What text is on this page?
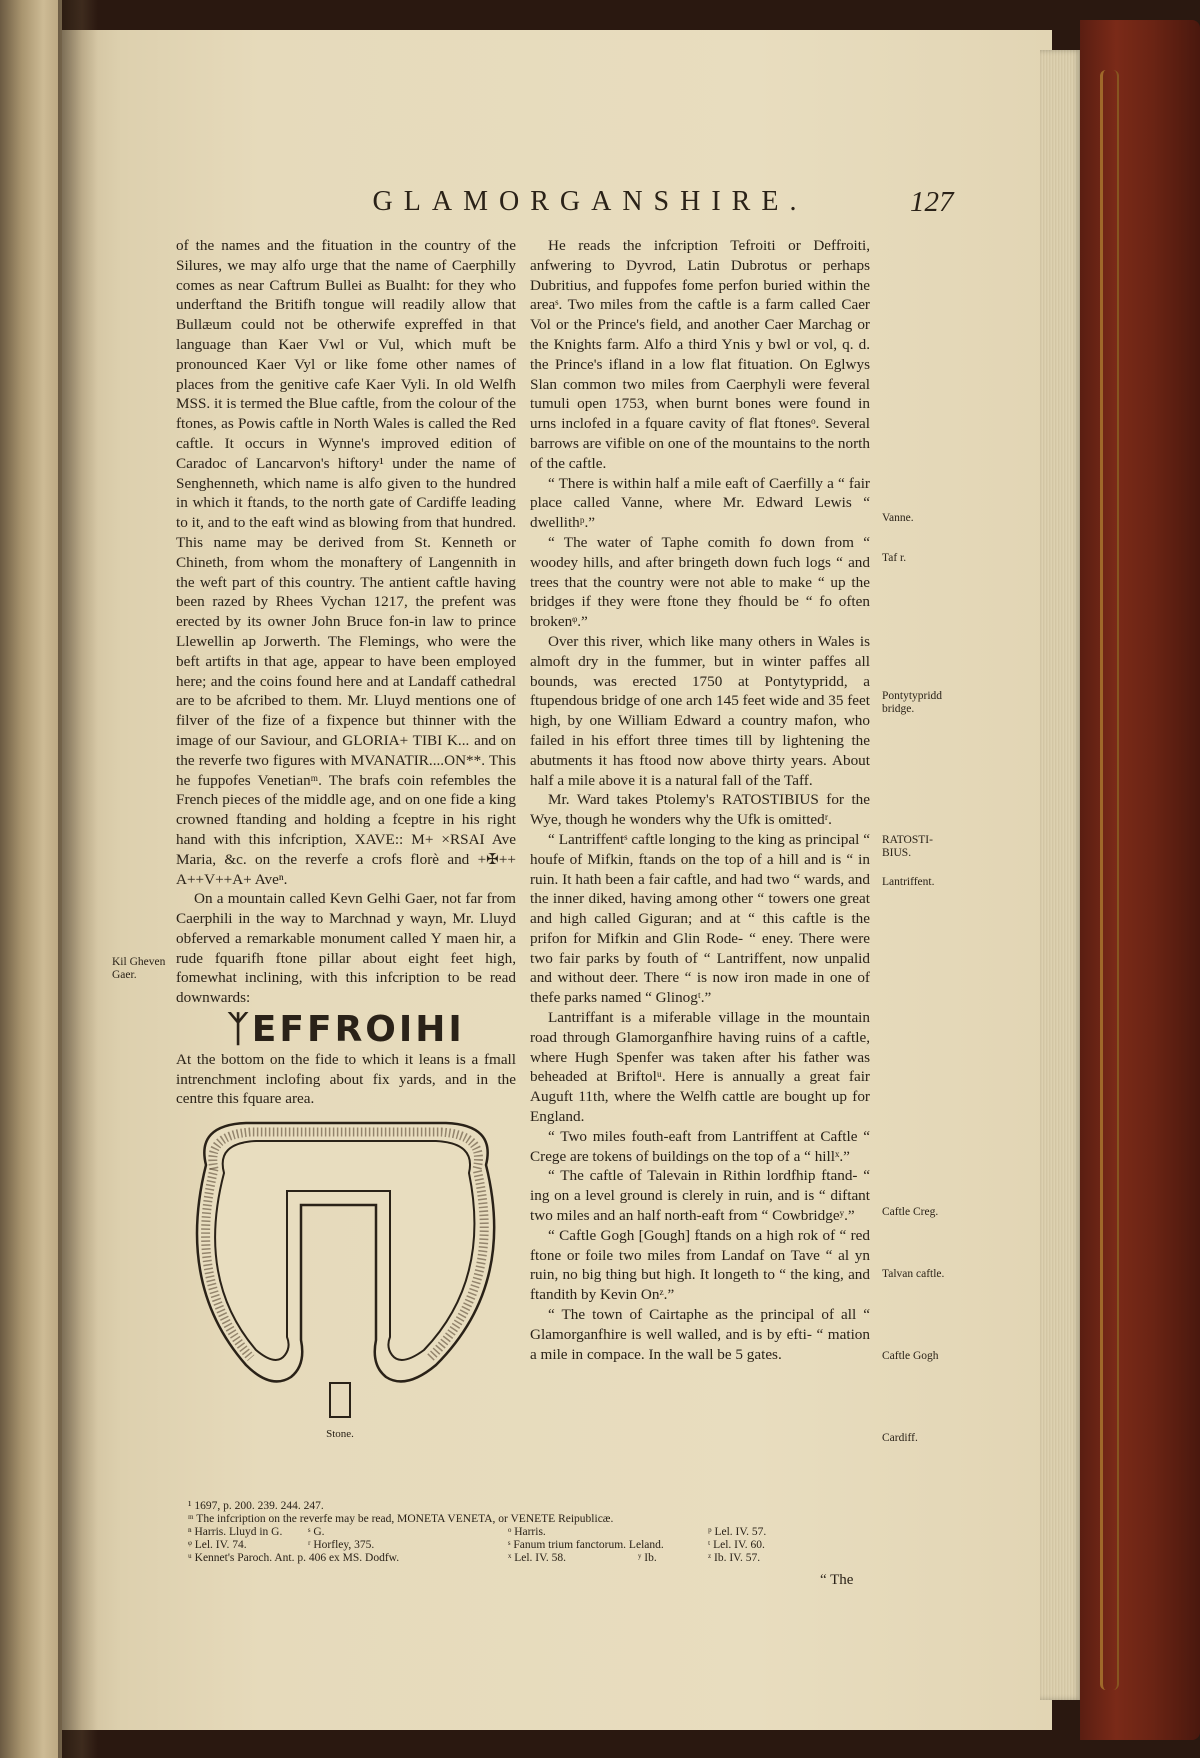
GLAMORGANSHIRE.	127

of the names and the fituation in the country of the Silures, we may alfo urge that the name of Caerphilly comes as near Caftrum Bullei as Bualht: for they who underftand the Britifh tongue will readily allow that Bullæum could not be otherwife expreffed in that language than Kaer Vwl or Vul, which muft be pronounced Kaer Vyl or like fome other names of places from the genitive cafe Kaer Vyli. In old Welfh MSS. it is termed the Blue caftle, from the colour of the ftones, as Powis caftle in North Wales is called the Red caftle. It occurs in Wynne's improved edition of Caradoc of Lancarvon's hiftory¹ under the name of Senghenneth, which name is alfo given to the hundred in which it ftands, to the north gate of Cardiffe leading to it, and to the eaft wind as blowing from that hundred. This name may be derived from St. Kenneth or Chineth, from whom the monaftery of Langennith in the weft part of this country. The antient caftle having been razed by Rhees Vychan 1217, the prefent was erected by its owner John Bruce fon-in law to prince Llewellin ap Jorwerth. The Flemings, who were the beft artifts in that age, appear to have been employed here; and the coins found here and at Landaff cathedral are to be afcribed to them. Mr. Lluyd mentions one of filver of the fize of a fixpence but thinner with the image of our Saviour, and GLORIA+ TIBI K... and on the reverfe two figures with MVANATIR....ON**. This he fuppofes Venetianᵐ. The brafs coin refembles the French pieces of the middle age, and on one fide a king crowned ftanding and holding a fceptre in his right hand with this infcription, XAVE:: M+ ×RSAI Ave Maria, &c. on the reverfe a crofs florè and +✠++ A++V++A+ Aveⁿ.

On a mountain called Kevn Gelhi Gaer, not far from Caerphili in the way to Marchnad y wayn, Mr. Lluyd obferved a remarkable monument called Y maen hir, a rude fquarifh ftone pillar about eight feet high, fomewhat inclining, with this infcription to be read downwards:

ᛉEFFROIHI

At the bottom on the fide to which it leans is a fmall intrenchment inclofing about fix yards, and in the centre this fquare area.

Stone.

He reads the infcription Tefroiti or Deffroiti, anfwering to Dyvrod, Latin Dubrotus or perhaps Dubritius, and fuppofes fome perfon buried within the areaˢ. Two miles from the caftle is a farm called Caer Vol or the Prince's field, and another Caer Marchag or the Knights farm. Alfo a third Ynis y bwl or vol, q. d. the Prince's ifland in a low flat fituation. On Eglwys Slan common two miles from Caerphyli were feveral tumuli open 1753, when burnt bones were found in urns inclofed in a fquare cavity of flat ftonesᵒ. Several barrows are vifible on one of the mountains to the north of the caftle.

“ There is within half a mile eaft of Caerfilly a “ fair place called Vanne, where Mr. Edward Lewis “ dwellithᵖ.”

“ The water of Taphe comith fo down from “ woodey hills, and after bringeth down fuch logs “ and trees that the country were not able to make “ up the bridges if they were ftone they fhould be “ fo often brokenᵠ.”

Over this river, which like many others in Wales is almoft dry in the fummer, but in winter paffes all bounds, was erected 1750 at Pontytypridd, a ftupendous bridge of one arch 145 feet wide and 35 feet high, by one William Edward a country mafon, who failed in his effort three times till by lightening the abutments it has ftood now above thirty years. About half a mile above it is a natural fall of the Taff.

Mr. Ward takes Ptolemy's RATOSTIBIUS for the Wye, though he wonders why the Ufk is omittedʳ.

“ Lantriffentˢ caftle longing to the king as principal “ houfe of Mifkin, ftands on the top of a hill and is “ in ruin. It hath been a fair caftle, and had two “ wards, and the inner diked, having among other “ towers one great and high called Giguran; and at “ this caftle is the prifon for Mifkin and Glin Rode- “ eney. There were two fair parks by fouth of “ Lantriffent, now unpalid and without deer. There “ is now iron made in one of thefe parks named “ Glinogᵗ.”

Lantriffant is a miferable village in the mountain road through Glamorganfhire having ruins of a caftle, where Hugh Spenfer was taken after his father was beheaded at Briftolᵘ. Here is annually a great fair Auguft 11th, where the Welfh cattle are bought up for England.

“ Two miles fouth-eaft from Lantriffent at Caftle “ Crege are tokens of buildings on the top of a “ hillˣ.”

“ The caftle of Talevain in Rithin lordfhip ftand- “ ing on a level ground is clerely in ruin, and is “ diftant two miles and an half north-eaft from “ Cowbridgeʸ.”

“ Caftle Gogh [Gough] ftands on a high rok of “ red ftone or foile two miles from Landaf on Tave “ al yn ruin, no big thing but high. It longeth to “ the king, and ftandith by Kevin Onᶻ.”

“ The town of Cairtaphe as the principal of all “ Glamorganfhire is well walled, and is by efti- “ mation a mile in compace. In the wall be 5 gates.

Kil Gheven Gaer.
Vanne.
Taf r.
Pontytypridd bridge.
RATOSTI- BIUS.
Lantriffent.
Caftle Creg.
Talvan caftle.
Caftle Gogh
Cardiff.

¹ 1697, p. 200. 239. 244. 247.

ᵐ The infcription on the reverfe may be read, MONETA VENETA, or VENETE Reipublicæ.

ⁿ Harris. Lluyd in G.	ˢ G.	ᵒ Harris.	ᵖ Lel. IV. 57.
ᵠ Lel. IV. 74.	ʳ Horfley, 375.	ˢ Fanum trium fanctorum. Leland.	ᵗ Lel. IV. 60.
ᵘ Kennet's Paroch. Ant. p. 406 ex MS. Dodfw.	ˣ Lel. IV. 58.	ʸ Ib.	ᶻ Ib. IV. 57.
“ The
